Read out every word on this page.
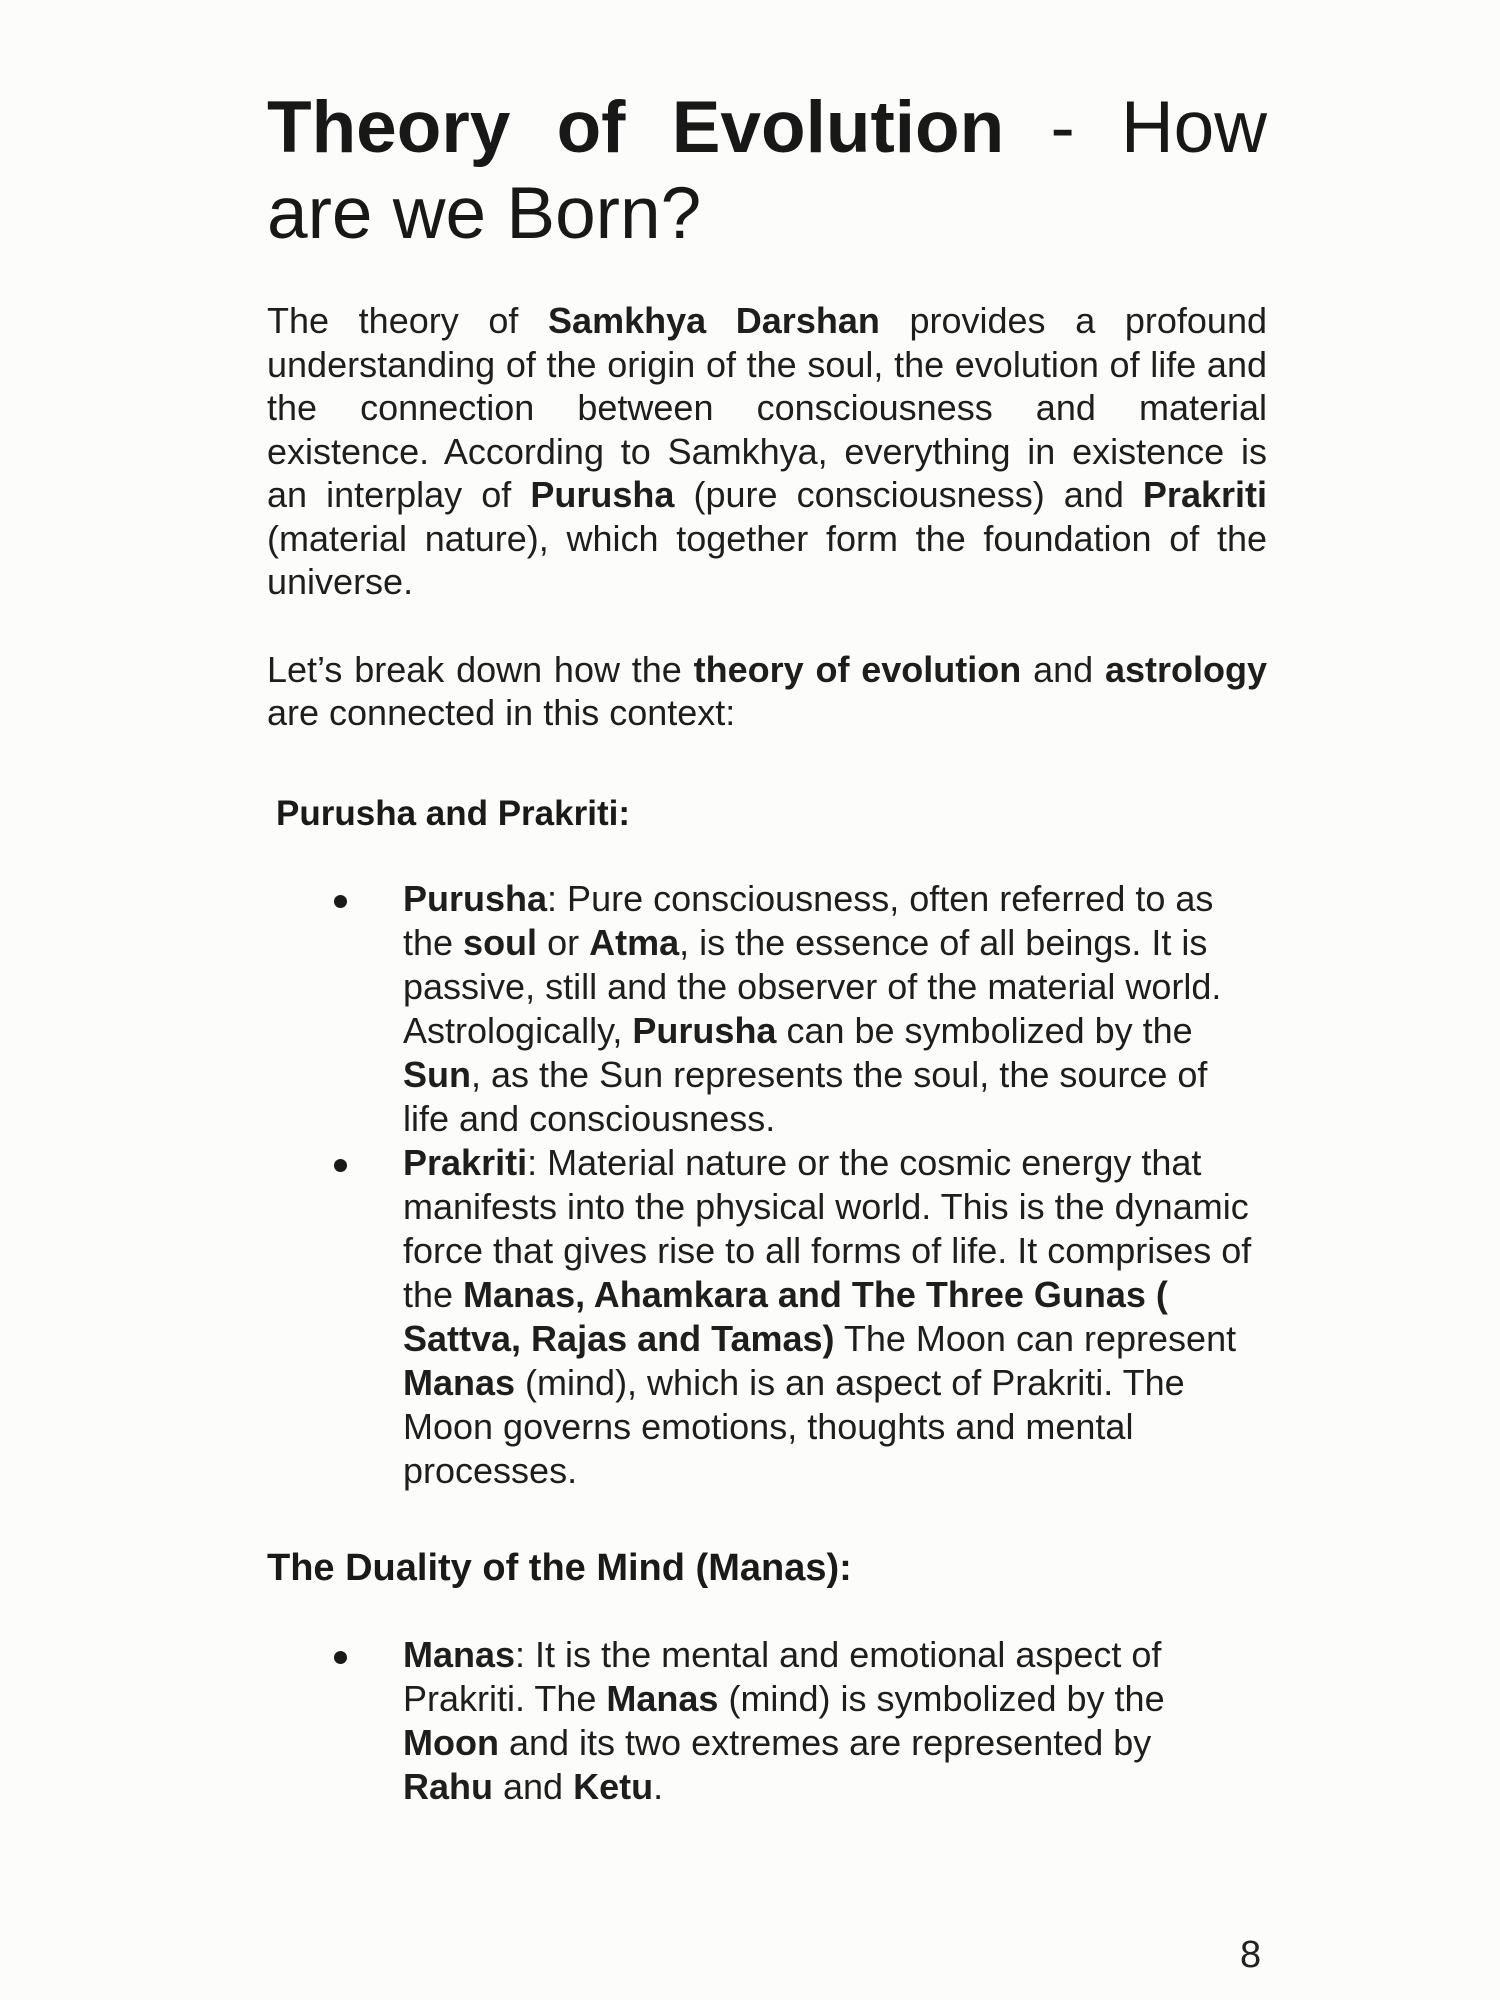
Theory of Evolution - How are we Born?

The theory of Samkhya Darshan provides a profound understanding of the origin of the soul, the evolution of life and the connection between consciousness and material existence. According to Samkhya, everything in existence is an interplay of Purusha (pure consciousness) and Prakriti (material nature), which together form the foundation of the universe.

Let’s break down how the theory of evolution and astrology are connected in this context:

Purusha and Prakriti:
Purusha: Pure consciousness, often referred to as the soul or Atma, is the essence of all beings. It is passive, still and the observer of the material world. Astrologically, Purusha can be symbolized by the Sun, as the Sun represents the soul, the source of life and consciousness.
Prakriti: Material nature or the cosmic energy that manifests into the physical world. This is the dynamic force that gives rise to all forms of life. It comprises of the Manas, Ahamkara and The Three Gunas ( Sattva, Rajas and Tamas) The Moon can represent Manas (mind), which is an aspect of Prakriti. The Moon governs emotions, thoughts and mental processes.
The Duality of the Mind (Manas):
Manas: It is the mental and emotional aspect of Prakriti. The Manas (mind) is symbolized by the Moon and its two extremes are represented by Rahu and Ketu.
8
